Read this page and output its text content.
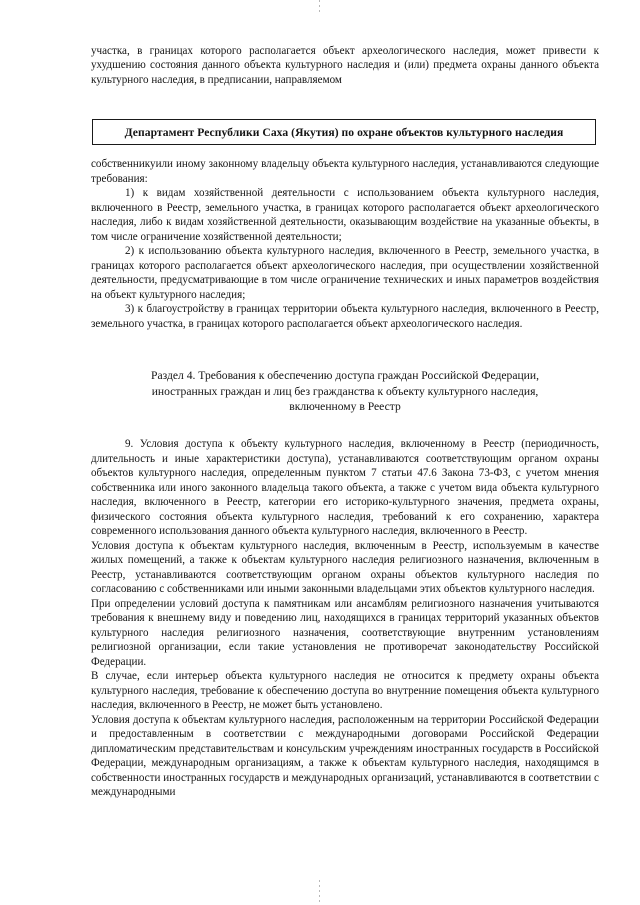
участка, в границах которого располагается объект археологического наследия, может привести к ухудшению состояния данного объекта культурного наследия и (или) предмета охраны данного объекта культурного наследия, в предписании, направляемом

Департамент Республики Саха (Якутия) по охране объектов культурного наследия

собственникуили иному законному владельцу объекта культурного наследия, устанавливаются следующие требования:

1) к видам хозяйственной деятельности с использованием объекта культурного наследия, включенного в Реестр, земельного участка, в границах которого располагается объект археологического наследия, либо к видам хозяйственной деятельности, оказывающим воздействие на указанные объекты, в том числе ограничение хозяйственной деятельности;

2) к использованию объекта культурного наследия, включенного в Реестр, земельного участка, в границах которого располагается объект археологического наследия, при осуществлении хозяйственной деятельности, предусматривающие в том числе ограничение технических и иных параметров воздействия на объект культурного наследия;

3) к благоустройству в границах территории объекта культурного наследия, включенного в Реестр, земельного участка, в границах которого располагается объект археологического наследия.

Раздел 4. Требования к обеспечению доступа граждан Российской Федерации,
иностранных граждан и лиц без гражданства к объекту культурного наследия,
включенному в Реестр

9. Условия доступа к объекту культурного наследия, включенному в Реестр (периодичность, длительность и иные характеристики доступа), устанавливаются соответствующим органом охраны объектов культурного наследия, определенным пунктом 7 статьи 47.6 Закона 73-ФЗ, с учетом мнения собственника или иного законного владельца такого объекта, а также с учетом вида объекта культурного наследия, включенного в Реестр, категории его историко-культурного значения, предмета охраны, физического состояния объекта культурного наследия, требований к его сохранению, характера современного использования данного объекта культурного наследия, включенного в Реестр.

Условия доступа к объектам культурного наследия, включенным в Реестр, используемым в качестве жилых помещений, а также к объектам культурного наследия религиозного назначения, включенным в Реестр, устанавливаются соответствующим органом охраны объектов культурного наследия по согласованию с собственниками или иными законными владельцами этих объектов культурного наследия.

При определении условий доступа к памятникам или ансамблям религиозного назначения учитываются требования к внешнему виду и поведению лиц, находящихся в границах территорий указанных объектов культурного наследия религиозного назначения, соответствующие внутренним установлениям религиозной организации, если такие установления не противоречат законодательству Российской Федерации.

В случае, если интерьер объекта культурного наследия не относится к предмету охраны объекта культурного наследия, требование к обеспечению доступа во внутренние помещения объекта культурного наследия, включенного в Реестр, не может быть установлено.

Условия доступа к объектам культурного наследия, расположенным на территории Российской Федерации и предоставленным в соответствии с международными договорами Российской Федерации дипломатическим представительствам и консульским учреждениям иностранных государств в Российской Федерации, международным организациям, а также к объектам культурного наследия, находящимся в собственности иностранных государств и международных организаций, устанавливаются в соответствии с международными
